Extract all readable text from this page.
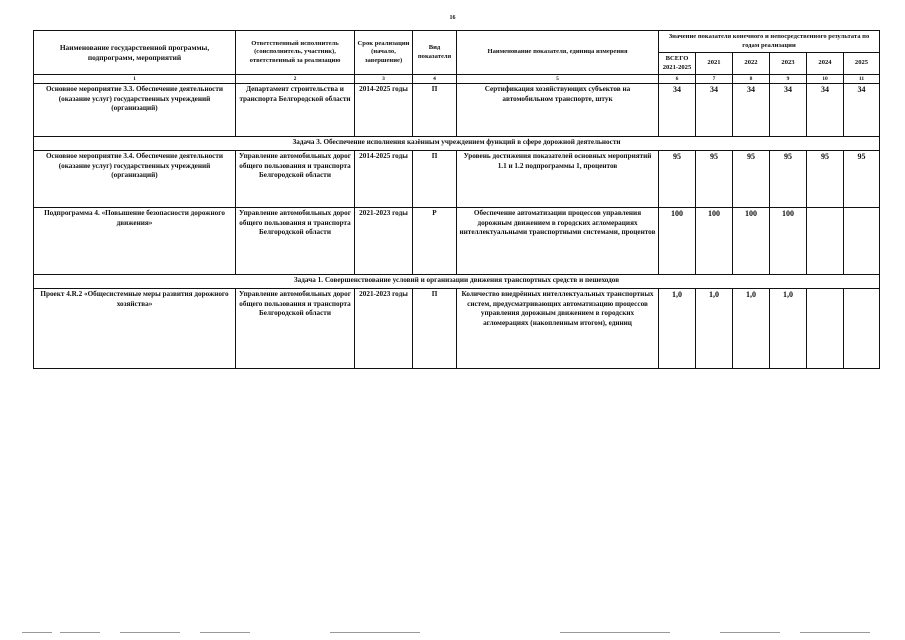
16
Наименование государственной программы, подпрограмм, мероприятий	Ответственный исполнитель (соисполнитель, участник), ответственный за реализацию	Срок реализации (начало, завершение)	Вид показателя	Наименование показателя, единица измерения	Значение показателя конечного и непосредственного результата по годам реализации					
					ВСЕГО 2021-2025	2021	2022	2023	2024	2025
1	2	3	4	5	6	7	8	9	10	11
Основное мероприятие 3.3. Обеспечение деятельности (оказание услуг) государственных учреждений (организаций)	Департамент строительства и транспорта Белгородской области	2014-2025 годы	П	Сертификация хозяйствующих субъектов на автомобильном транспорте, штук	34	34	34	34	34	34
Задача 3. Обеспечение исполнения казённым учреждением функций в сфере дорожной деятельности										
Основное мероприятие 3.4. Обеспечение деятельности (оказание услуг) государственных учреждений (организаций)	Управление автомобильных дорог общего пользования и транспорта Белгородской области	2014-2025 годы	П	Уровень достижения показателей основных мероприятий 1.1 и 1.2 подпрограммы 1, процентов	95	95	95	95	95	95
Подпрограмма 4. «Повышение безопасности дорожного движения»	Управление автомобильных дорог общего пользования и транспорта Белгородской области	2021-2023 годы	Р	Обеспечение автоматизации процессов управления дорожным движением в городских агломерациях интеллектуальными транспортными системами, процентов	100	100	100	100		
Задача 1. Совершенствование условий и организации движения транспортных средств и пешеходов										
Проект 4.R.2 «Общесистемные меры развития дорожного хозяйства»	Управление автомобильных дорог общего пользования и транспорта Белгородской области	2021-2023 годы	П	Количество внедрённых интеллектуальных транспортных систем, предусматривающих автоматизацию процессов управления дорожным движением в городских агломерациях (накопленным итогом), единиц	1,0	1,0	1,0	1,0		
